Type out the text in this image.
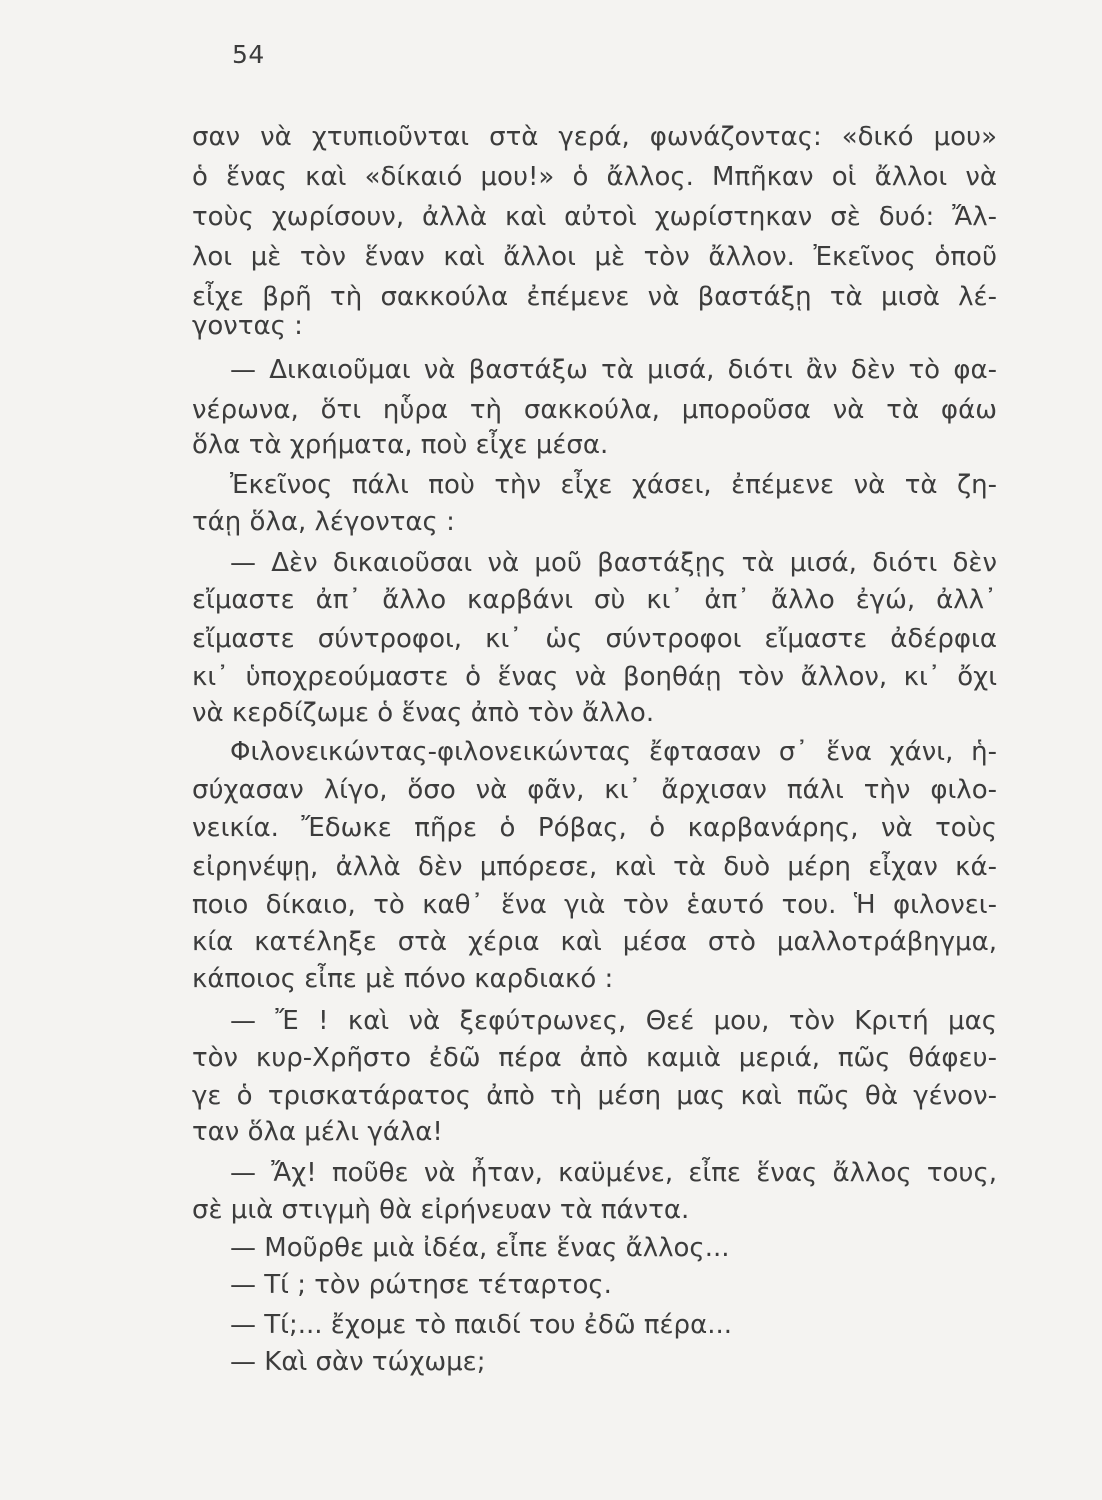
54
σαν νὰ χτυπιοῦνται στὰ γερά, φωνάζοντας: «δικό μου»
ὁ ἕνας καὶ «δίκαιό μου!» ὁ ἄλλος. Μπῆκαν οἱ ἄλλοι νὰ
τοὺς χωρίσουν, ἀλλὰ καὶ αὐτοὶ χωρίστηκαν σὲ δυό: Ἄλ-
λοι μὲ τὸν ἕναν καὶ ἄλλοι μὲ τὸν ἄλλον. Ἐκεῖνος ὁποῦ
εἶχε βρῆ τὴ σακκούλα ἐπέμενε νὰ βαστάξῃ τὰ μισὰ λέ-
γοντας :
— Δικαιοῦμαι νὰ βαστάξω τὰ μισά, διότι ἂν δὲν τὸ φα-
νέρωνα, ὅτι ηὗρα τὴ σακκούλα, μποροῦσα νὰ τὰ φάω
ὅλα τὰ χρήματα, ποὺ εἶχε μέσα.
Ἐκεῖνος πάλι ποὺ τὴν εἶχε χάσει, ἐπέμενε νὰ τὰ ζη-
τάῃ ὅλα, λέγοντας :
— Δὲν δικαιοῦσαι νὰ μοῦ βαστάξῃς τὰ μισά, διότι δὲν
εἴμαστε ἀπ᾽ ἄλλο καρβάνι σὺ κι᾽ ἀπ᾽ ἄλλο ἐγώ, ἀλλ᾽
εἴμαστε σύντροφοι, κι᾽ ὡς σύντροφοι εἴμαστε ἀδέρφια
κι᾽ ὑποχρεούμαστε ὁ ἕνας νὰ βοηθάῃ τὸν ἄλλον, κι᾽ ὄχι
νὰ κερδίζωμε ὁ ἕνας ἀπὸ τὸν ἄλλο.
Φιλονεικώντας-φιλονεικώντας ἔφτασαν σ᾽ ἕνα χάνι, ἡ-
σύχασαν λίγο, ὅσο νὰ φᾶν, κι᾽ ἄρχισαν πάλι τὴν φιλο-
νεικία. Ἔδωκε πῆρε ὁ Ρόβας, ὁ καρβανάρης, νὰ τοὺς
εἰρηνέψῃ, ἀλλὰ δὲν μπόρεσε, καὶ τὰ δυὸ μέρη εἶχαν κά-
ποιο δίκαιο, τὸ καθ᾽ ἕνα γιὰ τὸν ἑαυτό του. Ἡ φιλονει-
κία κατέληξε στὰ χέρια καὶ μέσα στὸ μαλλοτράβηγμα,
κάποιος εἶπε μὲ πόνο καρδιακό :
— Ἔ ! καὶ νὰ ξεφύτρωνες, Θεέ μου, τὸν Κριτή μας
τὸν κυρ-Χρῆστο ἐδῶ πέρα ἀπὸ καμιὰ μεριά, πῶς θάφευ-
γε ὁ τρισκατάρατος ἀπὸ τὴ μέση μας καὶ πῶς θὰ γένον-
ταν ὅλα μέλι γάλα!
— Ἄχ! ποῦθε νὰ ἦταν, καϋμένε, εἶπε ἕνας ἄλλος τους,
σὲ μιὰ στιγμὴ θὰ εἰρήνευαν τὰ πάντα.
— Μοῦρθε μιὰ ἰδέα, εἶπε ἕνας ἄλλος...
— Τί ; τὸν ρώτησε τέταρτος.
— Τί;... ἔχομε τὸ παιδί του ἐδῶ πέρα...
— Καὶ σὰν τώχωμε;
